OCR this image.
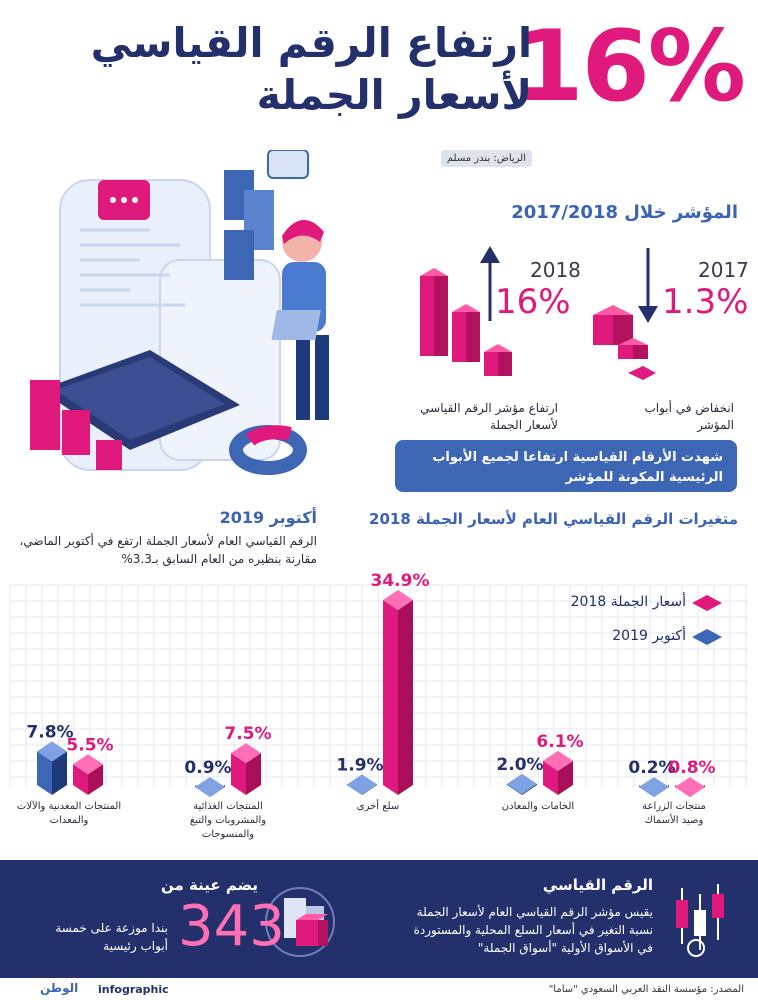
16%
ارتفاع الرقم القياسي
لأسعار الجملة
الرياض: بندر مسلم
المؤشر خلال 2017/2018
2017
1.3%
انخفاض في أبواب المؤشر
2018
16%
ارتفاع مؤشر الرقم القياسي لأسعار الجملة
شهدت الأرقام القياسية ارتفاعا لجميع الأبواب
الرئيسية المكونة للمؤشر
أكتوبر 2019
الرقم القياسي العام لأسعار الجملة ارتفع في أكتوبر الماضي، مقارنة بنظيره من العام السابق بـ3.3%
متغيرات الرقم القياسي العام لأسعار الجملة 2018
0.2%
0.8%
2.0%
6.1%
1.9%
34.9%
0.9%
7.5%
7.8%
5.5%
أسعار الجملة 2018
أكتوبر 2019
منتجات الزراعة وصيد الأسماك
الخامات والمعادن
سلع أخرى
المنتجات الغذائية والمشروبات والتبغ والمنسوجات
المنتجات المعدنية والآلات والمعدات
الرقم القياسي
يقيس مؤشر الرقم القياسي العام لأسعار الجملة
نسبة التغير في أسعار السلع المحلية والمستوردة
في الأسواق الأولية "أسواق الجملة"
يضم عينة من
343
بندا موزعة على خمسة
أبواب رئيسية
المصدر: مؤسسة النقد العربي السعودي "ساما"
infographic
الوطن
